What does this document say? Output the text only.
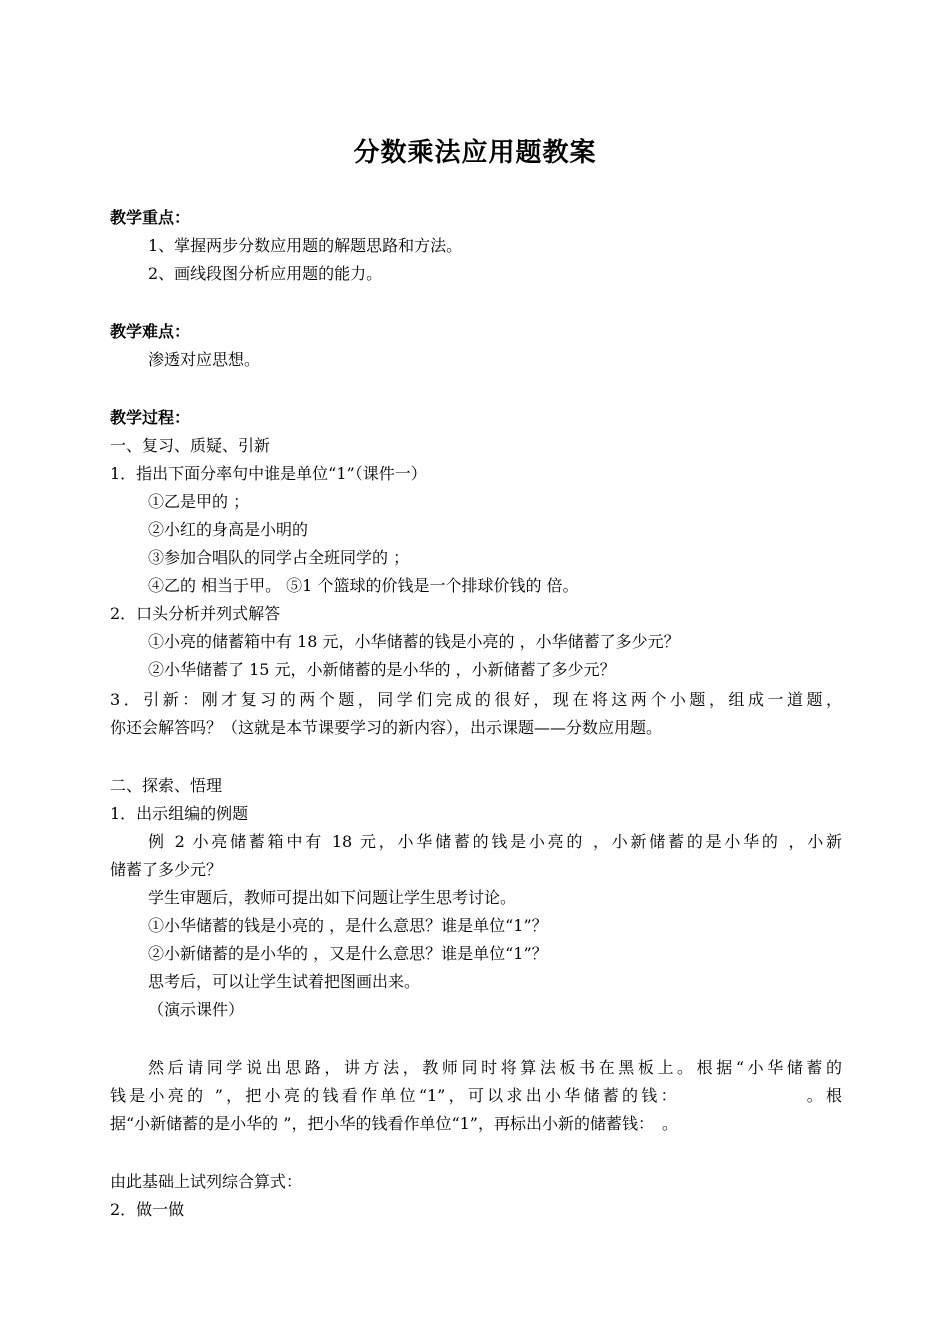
分数乘法应用题教案
教学重点：
1、掌握两步分数应用题的解题思路和方法。
2、画线段图分析应用题的能力。
教学难点：
渗透对应思想。
教学过程：
一、复习、质疑、引新
1．指出下面分率句中谁是单位“1”（课件一）
①乙是甲的 ；
②小红的身高是小明的
③参加合唱队的同学占全班同学的 ；
④乙的 相当于甲。 ⑤1 个篮球的价钱是一个排球价钱的 倍。
2．口头分析并列式解答
①小亮的储蓄箱中有 18 元，小华储蓄的钱是小亮的 ，小华储蓄了多少元？
②小华储蓄了 15 元，小新储蓄的是小华的 ，小新储蓄了多少元？
3．引新：刚才复习的两个题，同学们完成的很好，现在将这两个小题，组成一道题，
你还会解答吗？（这就是本节课要学习的新内容），出示课题——分数应用题。
二、探索、悟理
1．出示组编的例题
例 2 小亮储蓄箱中有 18 元，小华储蓄的钱是小亮的 ，小新储蓄的是小华的 ，小新
储蓄了多少元？
学生审题后，教师可提出如下问题让学生思考讨论。
①小华储蓄的钱是小亮的 ，是什么意思？谁是单位“1”？
②小新储蓄的是小华的 ，又是什么意思？谁是单位“1”？
思考后，可以让学生试着把图画出来。
（演示课件）
然后请同学说出思路，讲方法，教师同时将算法板书在黑板上。根据“小华储蓄的
钱是小亮的 ”，把小亮的钱看作单位“1”，可以求出小华储蓄的钱：　　　　　　　。根
据“小新储蓄的是小华的 ”，把小华的钱看作单位“1”，再标出小新的储蓄钱：　。
由此基础上试列综合算式：
2．做一做
